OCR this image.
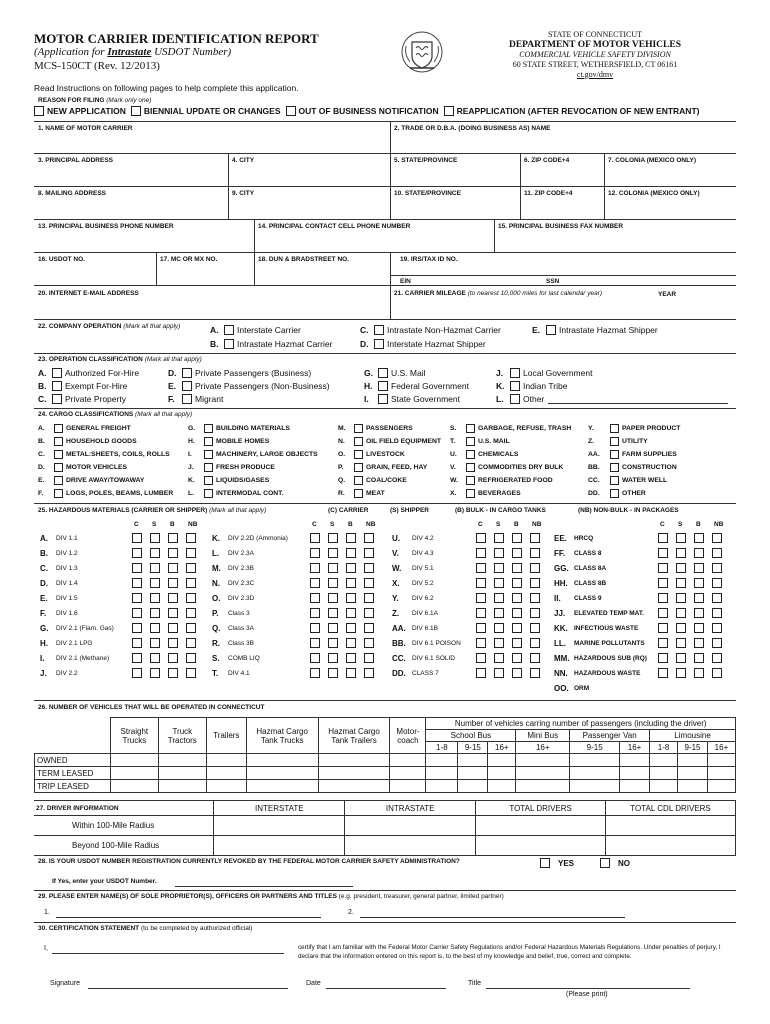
MOTOR CARRIER IDENTIFICATION REPORT
(Application for Intrastate USDOT Number)
MCS-150CT (Rev. 12/2013)
STATE OF CONNECTICUT
DEPARTMENT OF MOTOR VEHICLES
COMMERCIAL VEHICLE SAFETY DIVISION
60 STATE STREET, WETHERSFIELD, CT 06161
ct.gov/dmv
Read Instructions on following pages to help complete this application.
REASON FOR FILING (Mark only one)
NEW APPLICATION BIENNIAL UPDATE OR CHANGES OUT OF BUSINESS NOTIFICATION REAPPLICATION (AFTER REVOCATION OF NEW ENTRANT)
1. NAME OF MOTOR CARRIER	2. TRADE OR D.B.A. (DOING BUSINESS AS) NAME
3. PRINCIPAL ADDRESS	4. CITY	5. STATE/PROVINCE	6. ZIP CODE+4	7. COLONIA (MEXICO ONLY)
8. MAILING ADDRESS	9. CITY	10. STATE/PROVINCE	11. ZIP CODE+4	12. COLONIA (MEXICO ONLY)
13. PRINCIPAL BUSINESS PHONE NUMBER	14. PRINCIPAL CONTACT CELL PHONE NUMBER	15. PRINCIPAL BUSINESS FAX NUMBER
16. USDOT NO.	17. MC OR MX NO.	18. DUN & BRADSTREET NO.	19. IRS/TAX ID NO.
EIN	SSN
20. INTERNET E-MAIL ADDRESS	21. CARRIER MILEAGE (to nearest 10,000 miles for last calendar year)	YEAR
22. COMPANY OPERATION (Mark all that apply)	A.	Interstate Carrier
B.	Intrastate Hazmat Carrier
C.	Intrastate Non-Hazmat Carrier
D.	Interstate Hazmat Shipper
E.	Intrastate Hazmat Shipper
23. OPERATION CLASSIFICATION (Mark all that apply)
A.	Authorized For-Hire
B.	Exempt For-Hire
C.	Private Property
D.	Private Passengers (Business)
E.	Private Passengers (Non-Business)
F.	Migrant
G.	U.S. Mail
H.	Federal Government
I.	State Government
J.	Local Government
K.	Indian Tribe
L.	Other
24. CARGO CLASSIFICATIONS (Mark all that apply)
A.	GENERAL FREIGHT
B.	HOUSEHOLD GOODS
C.	METAL:SHEETS, COILS, ROLLS
D.	MOTOR VEHICLES
E.	DRIVE AWAY/TOWAWAY
F.	LOGS, POLES, BEAMS, LUMBER
G.	BUILDING MATERIALS
H.	MOBILE HOMES
I.	MACHINERY, LARGE OBJECTS
J.	FRESH PRODUCE
K.	LIQUIDS/GASES
L.	INTERMODAL CONT.
M.	PASSENGERS
N.	OIL FIELD EQUIPMENT
O.	LIVESTOCK
P.	GRAIN, FEED, HAY
Q.	COAL/COKE
R.	MEAT
S.	GARBAGE, REFUSE, TRASH
T.	U.S. MAIL
U.	CHEMICALS
V.	COMMODITIES DRY BULK
W.	REFRIGERATED FOOD
X.	BEVERAGES
Y.	PAPER PRODUCT
Z.	UTILITY
AA.	FARM SUPPLIES
BB.	CONSTRUCTION
CC.	WATER WELL
DD.	OTHER
25. HAZARDOUS MATERIALS (CARRIER OR SHIPPER) (Mark all that apply)	(C) CARRIER	(S) SHIPPER	(B) BULK - IN CARGO TANKS	(NB) NON-BULK - IN PACKAGES
C S B NB
A.	DIV 1.1
B.	DIV 1.2
C.	DIV 1.3
D.	DIV 1.4
E.	DIV 1.5
F.	DIV 1.6
G.	DIV 2.1 (Flam. Gas)
H.	DIV 2.1 LPG
I.	DIV 2.1 (Methane)
J.	DIV 2.2
C S B NB
K.	DIV 2.2D (Ammonia)
L.	DIV 2.3A
M.	DIV 2.3B
N.	DIV 2.3C
O.	DIV 2.3D
P.	Class 3
Q.	Class 3A
R.	Class 3B
S.	COMB LIQ
T.	DIV 4.1
C S B NB
U.	DIV 4.2
V.	DIV 4.3
W.	DIV 5.1
X.	DIV 5.2
Y.	DIV 6.2
Z.	DIV 6.1A
AA. DIV 6.1B
BB. DIV 6.1 POISON
CC. DIV 6.1 SOLID
DD. CLASS 7
C S B NB
EE.	HRCQ
FF.	CLASS 8
GG. CLASS 8A
HH. CLASS 8B
II.	CLASS 9
JJ.	ELEVATED TEMP MAT.
KK. INFECTIOUS WASTE
LL.	MARINE POLLUTANTS
MM. HAZARDOUS SUB (RQ)
NN. HAZARDOUS WASTE
OO. ORM
26. NUMBER OF VEHICLES THAT WILL BE OPERATED IN CONNECTICUT
	Straight Trucks	Truck Tractors	Trailers	Hazmat Cargo Tank Trucks	Hazmat Cargo Tank Trailers	Motor-coach	Number of vehicles carring number of passengers (including the driver)								
							School Bus			Mini Bus	Passenger Van		Limousine		
							1-8	9-15	16+	16+	9-15	16+	1-8	9-15	16+
OWNED															
TERM LEASED															
TRIP LEASED															
27. DRIVER INFORMATION	INTERSTATE	INTRASTATE	TOTAL DRIVERS	TOTAL CDL DRIVERS
Within 100-Mile Radius				
Beyond 100-Mile Radius				
28. IS YOUR USDOT NUMBER REGISTRATION CURRENTLY REVOKED BY THE FEDERAL MOTOR CARRIER SAFETY ADMINISTRATION?	YES	NO
If Yes, enter your USDOT Number.
29. PLEASE ENTER NAME(S) OF SOLE PROPRIETOR(S), OFFICERS OR PARTNERS AND TITLES (e.g. president, treasurer, general partner, limited partner)
1.	2.
30. CERTIFICATION STATEMENT (to be completed by authorized official)
I,	certify that I am familiar with the Federal Motor Carrier Safety Regulations and/or Federal Hazardous Materials Regulations. Under penalties of perjury, I declare that the information entered on this report is, to the best of my knowledge and belief, true, correct and complete.
Signature	Date	Title
(Please print)
